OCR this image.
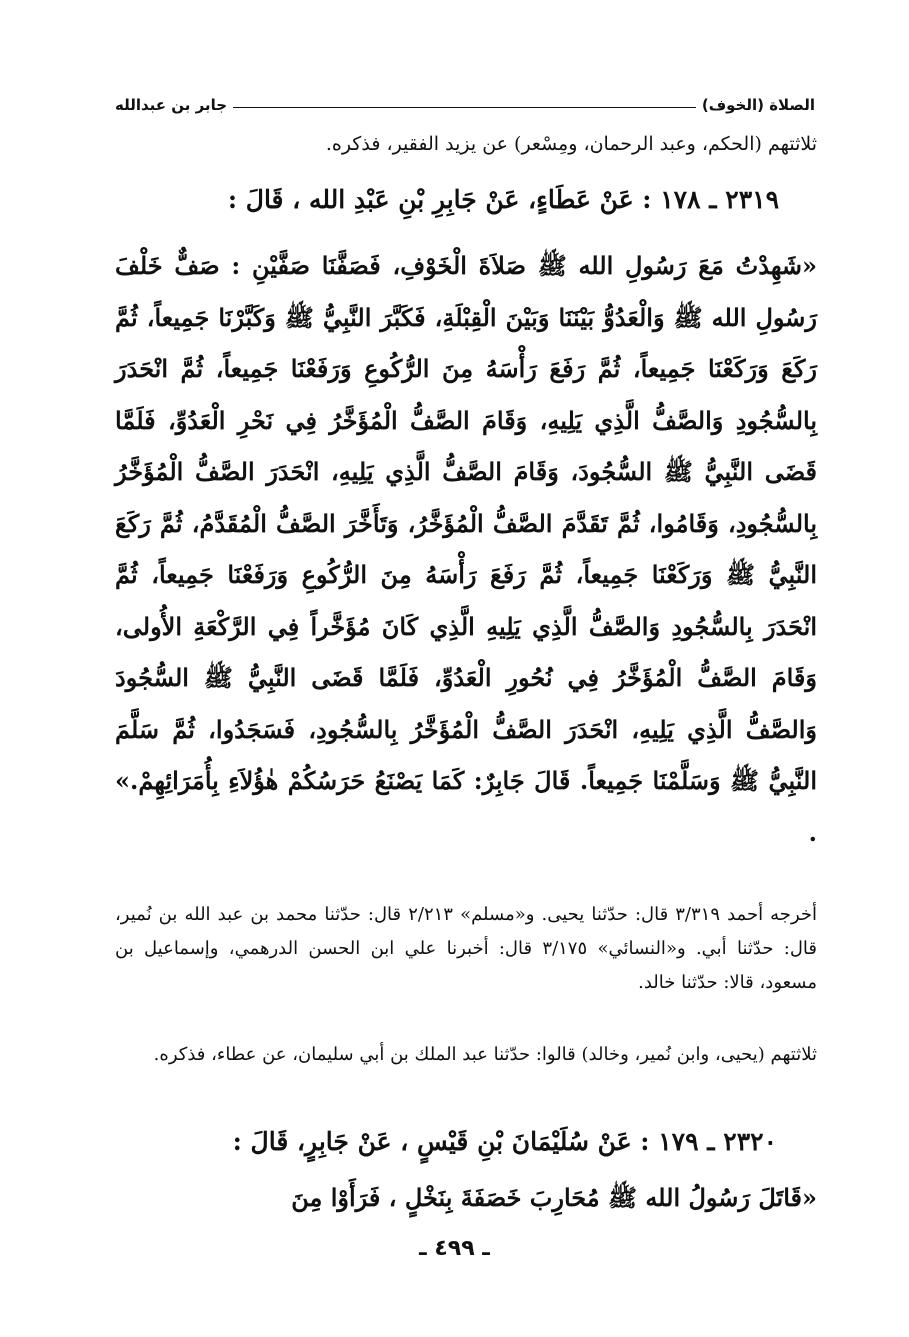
الصلاة (الخوف)
جابر بن عبدالله
ثلاثتهم (الحكم، وعبد الرحمان، ومِسْعر) عن يزيد الفقير، فذكره.
٢٣١٩ ـ ١٧٨ : عَنْ عَطَاءٍ، عَنْ جَابِرِ بْنِ عَبْدِ الله ، قَالَ :
«شَهِدْتُ مَعَ رَسُولِ الله ﷺ صَلاَةَ الْخَوْفِ، فَصَفَّنَا صَفَّيْنِ : صَفٌّ خَلْفَ رَسُولِ الله ﷺ وَالْعَدُوُّ بَيْنَنَا وَبَيْنَ الْقِبْلَةِ، فَكَبَّرَ النَّبِيُّ ﷺ وَكَبَّرْنَا جَمِيعاً، ثُمَّ رَكَعَ وَرَكَعْنَا جَمِيعاً، ثُمَّ رَفَعَ رَأْسَهُ مِنَ الرُّكُوعِ وَرَفَعْنَا جَمِيعاً، ثُمَّ انْحَدَرَ بِالسُّجُودِ وَالصَّفُّ الَّذِي يَلِيهِ، وَقَامَ الصَّفُّ الْمُؤَخَّرُ فِي نَحْرِ الْعَدُوِّ، فَلَمَّا قَضَى النَّبِيُّ ﷺ السُّجُودَ، وَقَامَ الصَّفُّ الَّذِي يَلِيهِ، انْحَدَرَ الصَّفُّ الْمُؤَخَّرُ بِالسُّجُودِ، وَقَامُوا، ثُمَّ تَقَدَّمَ الصَّفُّ الْمُؤَخَّرُ، وَتَأَخَّرَ الصَّفُّ الْمُقَدَّمُ، ثُمَّ رَكَعَ النَّبِيُّ ﷺ وَرَكَعْنَا جَمِيعاً، ثُمَّ رَفَعَ رَأْسَهُ مِنَ الرُّكُوعِ وَرَفَعْنَا جَمِيعاً، ثُمَّ انْحَدَرَ بِالسُّجُودِ وَالصَّفُّ الَّذِي يَلِيهِ الَّذِي كَانَ مُؤَخَّراً فِي الرَّكْعَةِ الأُولى، وَقَامَ الصَّفُّ الْمُؤَخَّرُ فِي نُحُورِ الْعَدُوِّ، فَلَمَّا قَضَى النَّبِيُّ ﷺ السُّجُودَ وَالصَّفُّ الَّذِي يَلِيهِ، انْحَدَرَ الصَّفُّ الْمُؤَخَّرُ بِالسُّجُودِ، فَسَجَدُوا، ثُمَّ سَلَّمَ النَّبِيُّ ﷺ وَسَلَّمْنَا جَمِيعاً. قَالَ جَابِرٌ: كَمَا يَصْنَعُ حَرَسُكُمْ هٰؤُلاَءِ بِأُمَرَائِهِمْ.» .
أخرجه أحمد ٣/٣١٩ قال: حدّثنا يحيى. و«مسلم» ٢/٢١٣ قال: حدّثنا محمد بن عبد الله بن نُمير، قال: حدّثنا أبي. و«النسائي» ٣/١٧٥ قال: أخبرنا علي ابن الحسن الدرهمي، وإسماعيل بن مسعود، قالا: حدّثنا خالد.
ثلاثتهم (يحيى، وابن نُمير، وخالد) قالوا: حدّثنا عبد الملك بن أبي سليمان، عن عطاء، فذكره.
٢٣٢٠ ـ ١٧٩ : عَنْ سُلَيْمَانَ بْنِ قَيْسٍ ، عَنْ جَابِرٍ، قَالَ :
«قَاتَلَ رَسُولُ الله ﷺ مُحَارِبَ خَصَفَةَ بِنَخْلٍ ، فَرَأَوْا مِنَ
ـ ٤٩٩ ـ
